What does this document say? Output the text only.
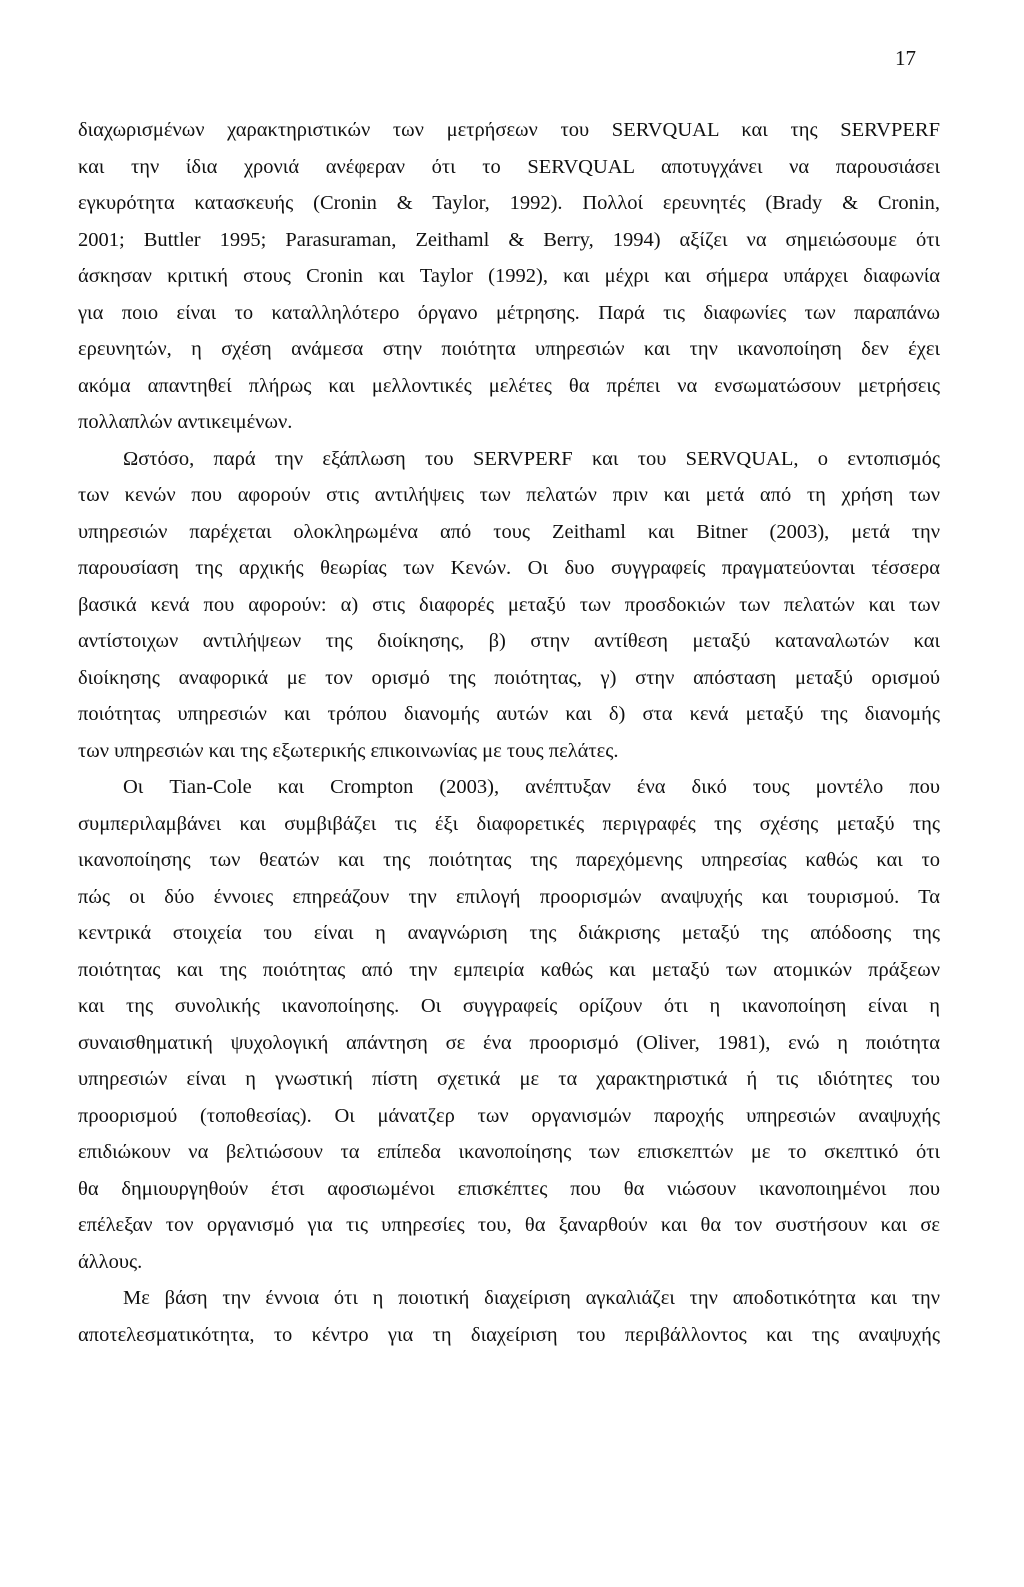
17

διαχωρισμένων χαρακτηριστικών των μετρήσεων του SERVQUAL και της SERVPERF
και την ίδια χρονιά ανέφεραν ότι το SERVQUAL αποτυγχάνει να παρουσιάσει
εγκυρότητα κατασκευής (Cronin & Taylor, 1992). Πολλοί ερευνητές (Brady & Cronin,
2001; Buttler 1995; Parasuraman, Zeithaml & Berry, 1994) αξίζει να σημειώσουμε ότι
άσκησαν κριτική στους Cronin και Taylor (1992), και μέχρι και σήμερα υπάρχει διαφωνία
για ποιο είναι το καταλληλότερο όργανο μέτρησης. Παρά τις διαφωνίες των παραπάνω
ερευνητών, η σχέση ανάμεσα στην ποιότητα υπηρεσιών και την ικανοποίηση δεν έχει
ακόμα απαντηθεί πλήρως και μελλοντικές μελέτες θα πρέπει να ενσωματώσουν μετρήσεις
πολλαπλών αντικειμένων.

Ωστόσο, παρά την εξάπλωση του SERVPERF και του SERVQUAL, ο εντοπισμός
των κενών που αφορούν στις αντιλήψεις των πελατών πριν και μετά από τη χρήση των
υπηρεσιών παρέχεται ολοκληρωμένα από τους Zeithaml και Bitner (2003), μετά την
παρουσίαση της αρχικής θεωρίας των Κενών. Οι δυο συγγραφείς πραγματεύονται τέσσερα
βασικά κενά που αφορούν: α) στις διαφορές μεταξύ των προσδοκιών των πελατών και των
αντίστοιχων αντιλήψεων της διοίκησης, β) στην αντίθεση μεταξύ καταναλωτών και
διοίκησης αναφορικά με τον ορισμό της ποιότητας, γ) στην απόσταση μεταξύ ορισμού
ποιότητας υπηρεσιών και τρόπου διανομής αυτών και δ) στα κενά μεταξύ της διανομής
των υπηρεσιών και της εξωτερικής επικοινωνίας με τους πελάτες.

Οι Tian-Cole και Crompton (2003), ανέπτυξαν ένα δικό τους μοντέλο που
συμπεριλαμβάνει και συμβιβάζει τις έξι διαφορετικές περιγραφές της σχέσης μεταξύ της
ικανοποίησης των θεατών και της ποιότητας της παρεχόμενης υπηρεσίας καθώς και το
πώς οι δύο έννοιες επηρεάζουν την επιλογή προορισμών αναψυχής και τουρισμού. Τα
κεντρικά στοιχεία του είναι η αναγνώριση της διάκρισης μεταξύ της απόδοσης της
ποιότητας και της ποιότητας από την εμπειρία καθώς και μεταξύ των ατομικών πράξεων
και της συνολικής ικανοποίησης. Οι συγγραφείς ορίζουν ότι η ικανοποίηση είναι η
συναισθηματική ψυχολογική απάντηση σε ένα προορισμό (Oliver, 1981), ενώ η ποιότητα
υπηρεσιών είναι η γνωστική πίστη σχετικά με τα χαρακτηριστικά ή τις ιδιότητες του
προορισμού (τοποθεσίας). Οι μάνατζερ των οργανισμών παροχής υπηρεσιών αναψυχής
επιδιώκουν να βελτιώσουν τα επίπεδα ικανοποίησης των επισκεπτών με το σκεπτικό ότι
θα δημιουργηθούν έτσι αφοσιωμένοι επισκέπτες που θα νιώσουν ικανοποιημένοι που
επέλεξαν τον οργανισμό για τις υπηρεσίες του, θα ξαναρθούν και θα τον συστήσουν και σε
άλλους.

Με βάση την έννοια ότι η ποιοτική διαχείριση αγκαλιάζει την αποδοτικότητα και την
αποτελεσματικότητα, το κέντρο για τη διαχείριση του περιβάλλοντος και της αναψυχής
